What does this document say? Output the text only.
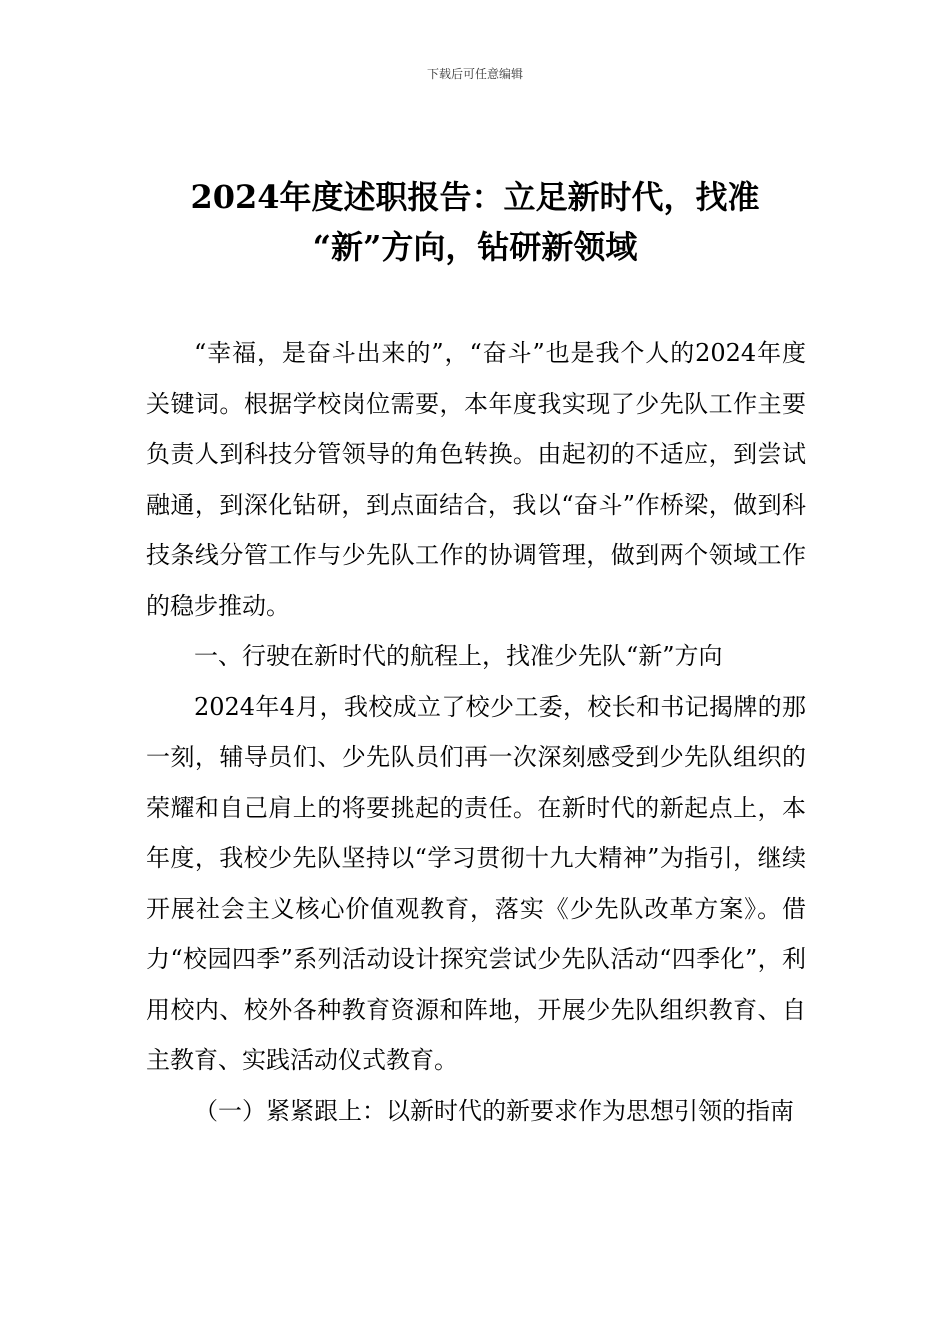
下载后可任意编辑
2024年度述职报告：立足新时代，找准
“新”方向，钻研新领域

“幸福，是奋斗出来的”，“奋斗”也是我个人的2024年度关键词。根据学校岗位需要，本年度我实现了少先队工作主要负责人到科技分管领导的角色转换。由起初的不适应，到尝试融通，到深化钻研，到点面结合，我以“奋斗”作桥梁，做到科技条线分管工作与少先队工作的协调管理，做到两个领域工作的稳步推动。

一、行驶在新时代的航程上，找准少先队“新”方向

2024年4月，我校成立了校少工委，校长和书记揭牌的那一刻，辅导员们、少先队员们再一次深刻感受到少先队组织的荣耀和自己肩上的将要挑起的责任。在新时代的新起点上，本年度，我校少先队坚持以“学习贯彻十九大精神”为指引，继续开展社会主义核心价值观教育，落实《少先队改革方案》。借力“校园四季”系列活动设计探究尝试少先队活动“四季化”，利用校内、校外各种教育资源和阵地，开展少先队组织教育、自主教育、实践活动仪式教育。

（一）紧紧跟上：以新时代的新要求作为思想引领的指南
